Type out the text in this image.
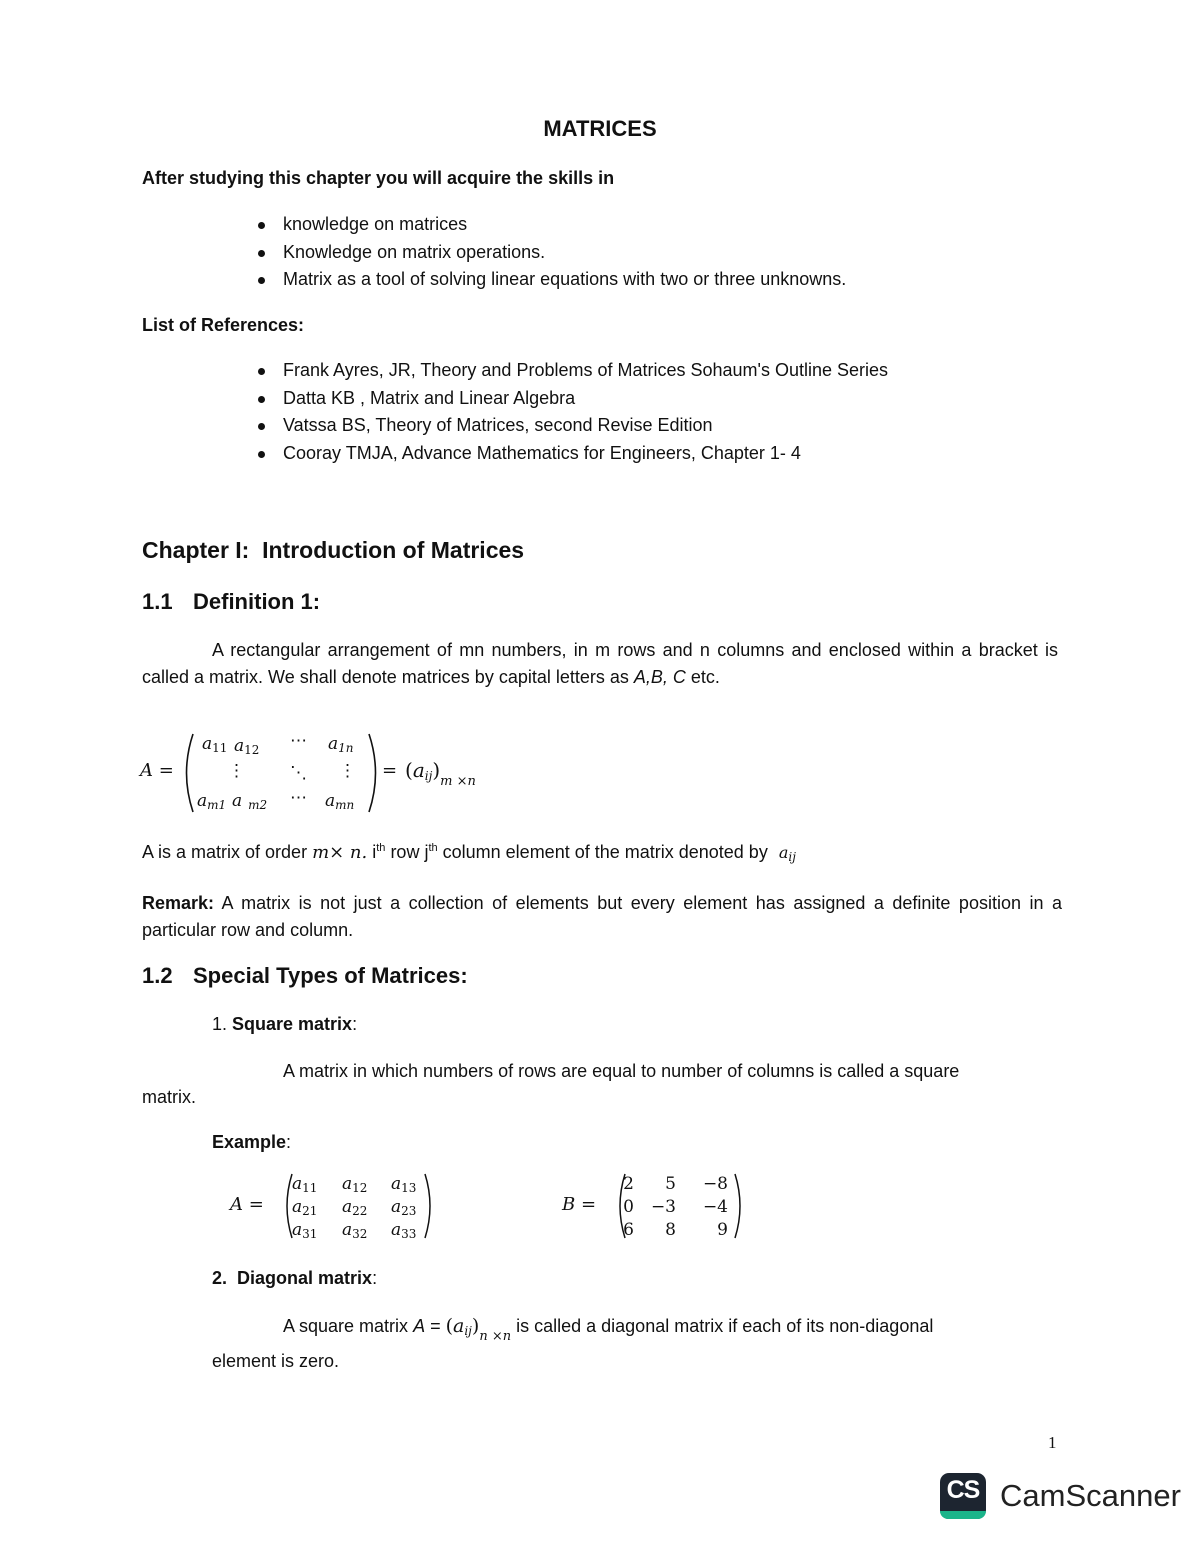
MATRICES
After studying this chapter you will acquire the skills in
knowledge on matrices
Knowledge on matrix operations.
Matrix as a tool of solving linear equations with two or three unknowns.
List of References:
Frank Ayres, JR, Theory and Problems of Matrices Sohaum's Outline Series
Datta KB , Matrix and Linear Algebra
Vatssa BS, Theory of Matrices, second Revise Edition
Cooray TMJA, Advance Mathematics for Engineers, Chapter 1- 4
Chapter I:  Introduction of Matrices
1.1 Definition 1:
A rectangular arrangement of mn numbers, in m rows and n columns and enclosed within a bracket is called a matrix. We shall denote matrices by capital letters as A,B, C etc.
A =
$a_{11}$ $a_{12}$ ⋯ $a_{1n}$
⋮	⋱ ⋮
$a_{m1}$ a $_{m2}$ ⋯ $a_{mn}$
= $(a_{ij})_{m \times n}$
A is a matrix of order m× n. $i^{th}$ row $j^{th}$ column element of the matrix denoted by $a_{ij}$
Remark: A matrix is not just a collection of elements but every element has assigned a definite position in a particular row and column.
1.2 Special Types of Matrices:
1. Square matrix:
A matrix in which numbers of rows are equal to number of columns is called a square
matrix.
Example:
A =
$a_{11}$ $a_{12}$ $a_{13}$
$a_{21}$ $a_{22}$ $a_{23}$
$a_{31}$ $a_{32}$ $a_{33}$
B =
2	5	−8
0 −3	−4
6	8	9
2.  Diagonal matrix:
A square matrix $A = (a_{ij})_{n \times n}$ is called a diagonal matrix if each of its non-diagonal
element is zero.
1
CS CamScanner
